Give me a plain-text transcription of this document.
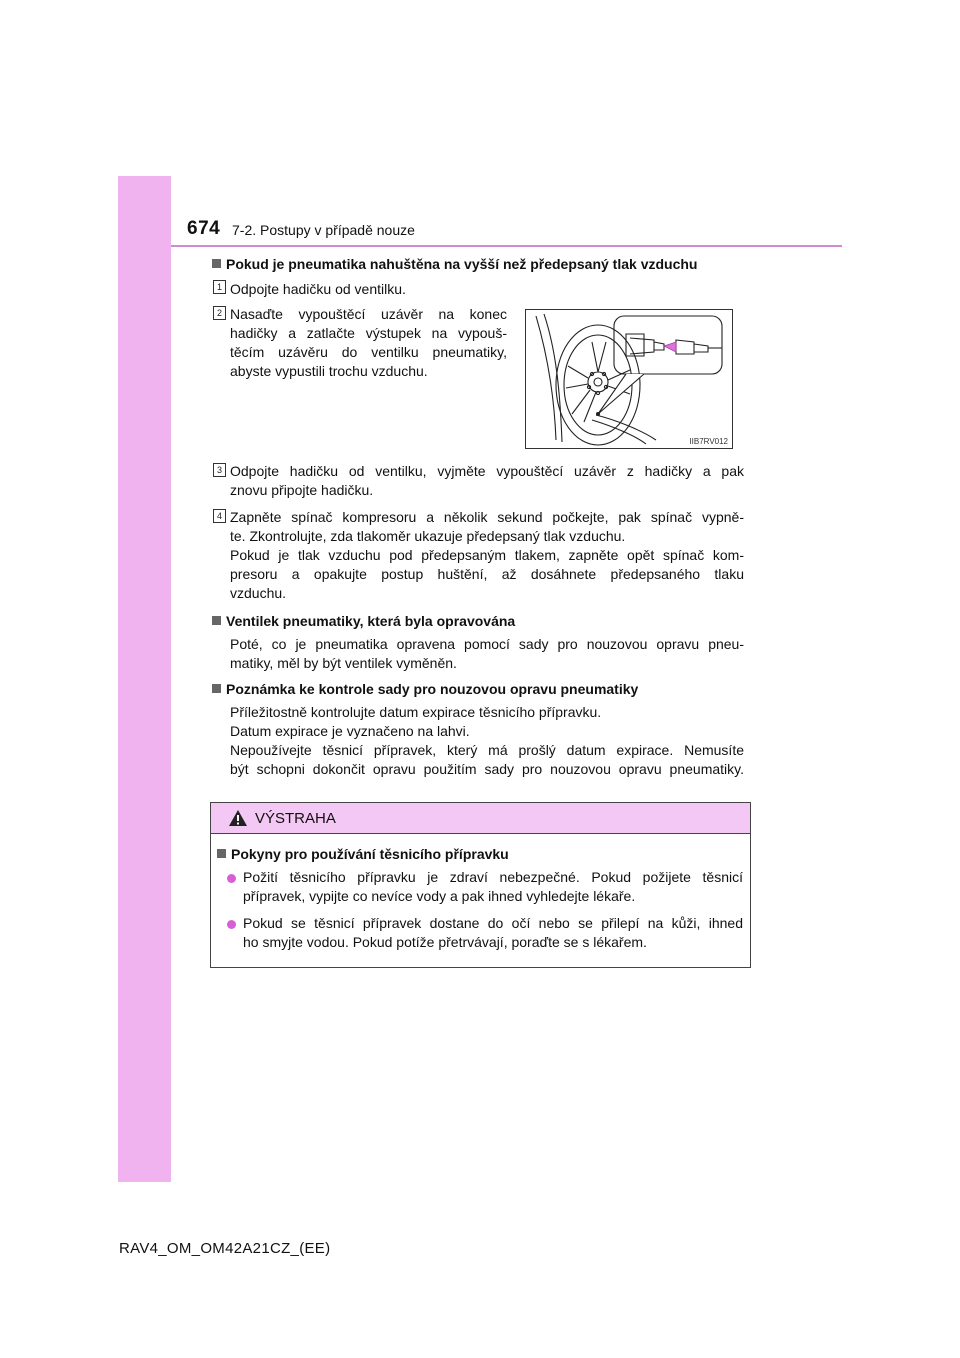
674 7-2. Postupy v případě nouze
Pokud je pneumatika nahuštěna na vyšší než předepsaný tlak vzduchu
1 Odpojte hadičku od ventilku.

2 Nasaďte vypouštěcí uzávěr na konec
hadičky a zatlačte výstupek na vypouš-
těcím uzávěru do ventilku pneumatiky,
abyste vypustili trochu vzduchu.

IIB7RV012
3 Odpojte hadičku od ventilku, vyjměte vypouštěcí uzávěr z hadičky a pak
znovu připojte hadičku.

4 Zapněte spínač kompresoru a několik sekund počkejte, pak spínač vypně-
te. Zkontrolujte, zda tlakoměr ukazuje předepsaný tlak vzduchu.
Pokud je tlak vzduchu pod předepsaným tlakem, zapněte opět spínač kom-
presoru a opakujte postup huštění, až dosáhnete předepsaného tlaku
vzduchu.

Ventilek pneumatiky, která byla opravována

Poté, co je pneumatika opravena pomocí sady pro nouzovou opravu pneu-
matiky, měl by být ventilek vyměněn.

Poznámka ke kontrole sady pro nouzovou opravu pneumatiky

Příležitostně kontrolujte datum expirace těsnicího přípravku.
Datum expirace je vyznačeno na lahvi.
Nepoužívejte těsnicí přípravek, který má prošlý datum expirace. Nemusíte
být schopni dokončit opravu použitím sady pro nouzovou opravu pneumatiky.

VÝSTRAHA
Pokyny pro používání těsnicího přípravku

Požití těsnicího přípravku je zdraví nebezpečné. Pokud požijete těsnicí
přípravek, vypijte co nevíce vody a pak ihned vyhledejte lékaře.

Pokud se těsnicí přípravek dostane do očí nebo se přilepí na kůži, ihned
ho smyjte vodou. Pokud potíže přetrvávají, poraďte se s lékařem.

RAV4_OM_OM42A21CZ_(EE)
